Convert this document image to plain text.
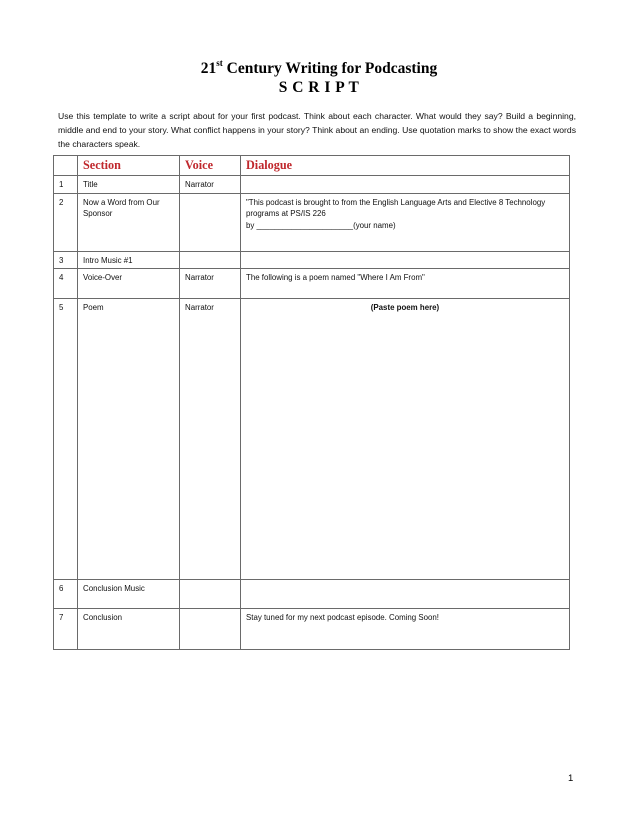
21st Century Writing for Podcasting
S C R I P T
Use this template to write a script about for your first podcast. Think about each character. What would they say? Build a beginning, middle and end to your story. What conflict happens in your story? Think about an ending. Use quotation marks to show the exact words the characters speak.
	Section	Voice	Dialogue
1	Title	Narrator	
2	Now a Word from Our Sponsor		"This podcast is brought to from the English Language Arts and Elective 8 Technology programs at PS/IS 226
by ______________________(your name)

3	Intro Music #1		
4	Voice-Over	Narrator	The following is a poem named "Where I Am From"
5	Poem	Narrator	(Paste poem here)

6	Conclusion Music		
7	Conclusion		Stay tuned for my next podcast episode. Coming Soon!
1
